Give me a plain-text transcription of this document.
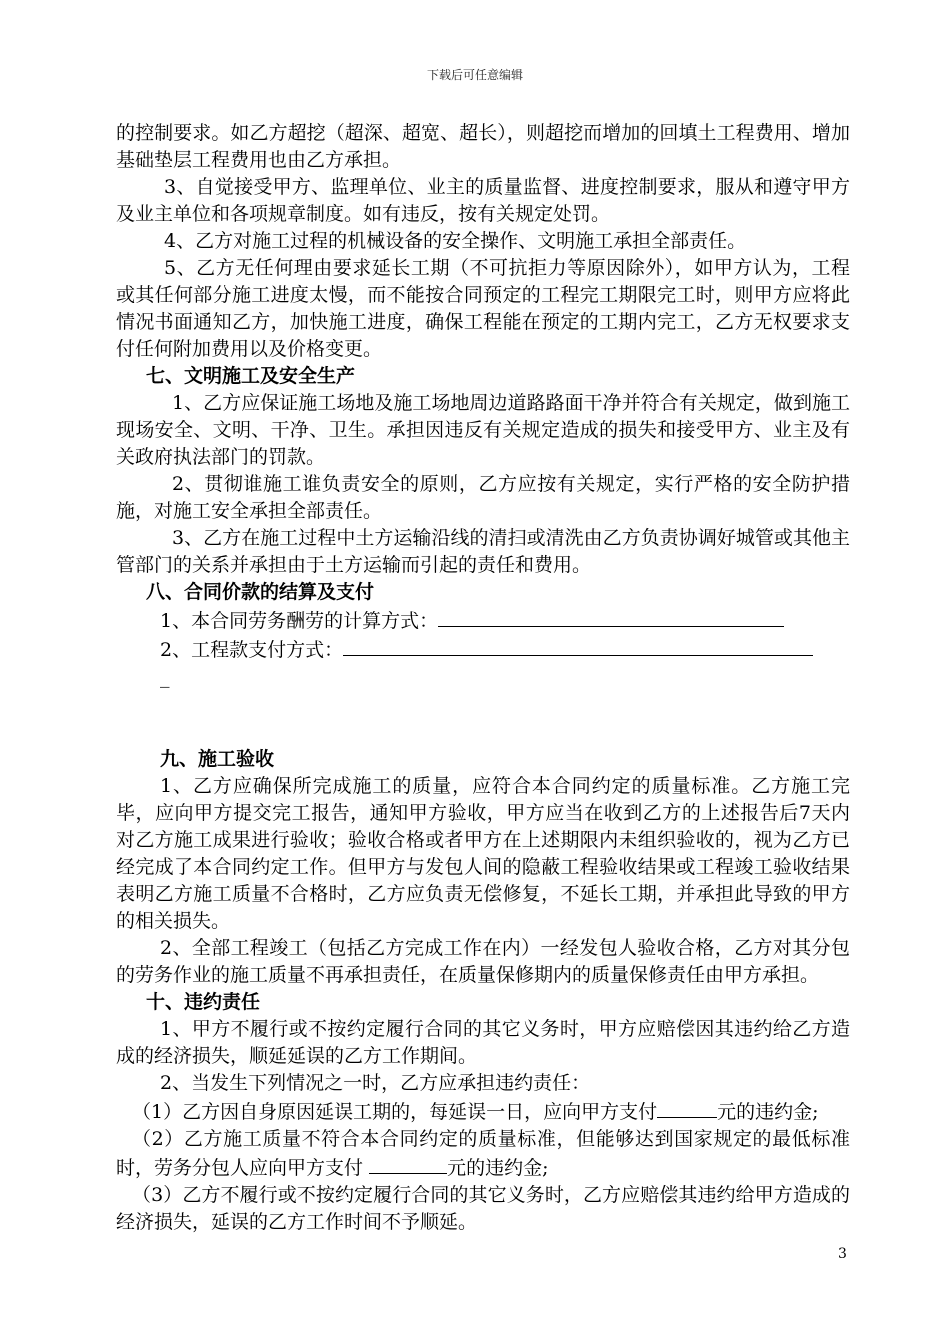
下载后可任意编辑

的控制要求。如乙方超挖（超深、超宽、超长），则超挖而增加的回填土工程费用、增加基础垫层工程费用也由乙方承担。

3、自觉接受甲方、监理单位、业主的质量监督、进度控制要求，服从和遵守甲方及业主单位和各项规章制度。如有违反，按有关规定处罚。

4、乙方对施工过程的机械设备的安全操作、文明施工承担全部责任。

5、乙方无任何理由要求延长工期（不可抗拒力等原因除外），如甲方认为，工程或其任何部分施工进度太慢，而不能按合同预定的工程完工期限完工时，则甲方应将此情况书面通知乙方，加快施工进度，确保工程能在预定的工期内完工，乙方无权要求支付任何附加费用以及价格变更。

七、文明施工及安全生产

1、乙方应保证施工场地及施工场地周边道路路面干净并符合有关规定，做到施工现场安全、文明、干净、卫生。承担因违反有关规定造成的损失和接受甲方、业主及有关政府执法部门的罚款。

2、贯彻谁施工谁负责安全的原则，乙方应按有关规定，实行严格的安全防护措施，对施工安全承担全部责任。

3、乙方在施工过程中土方运输沿线的清扫或清洗由乙方负责协调好城管或其他主管部门的关系并承担由于土方运输而引起的责任和费用。

八、合同价款的结算及支付

1、本合同劳务酬劳的计算方式：

2、工程款支付方式：

_

九、施工验收

1、乙方应确保所完成施工的质量，应符合本合同约定的质量标准。乙方施工完毕，应向甲方提交完工报告，通知甲方验收，甲方应当在收到乙方的上述报告后7天内对乙方施工成果进行验收；验收合格或者甲方在上述期限内未组织验收的，视为乙方已经完成了本合同约定工作。但甲方与发包人间的隐蔽工程验收结果或工程竣工验收结果表明乙方施工质量不合格时，乙方应负责无偿修复，不延长工期，并承担此导致的甲方的相关损失。

2、全部工程竣工（包括乙方完成工作在内）一经发包人验收合格，乙方对其分包的劳务作业的施工质量不再承担责任，在质量保修期内的质量保修责任由甲方承担。

十、违约责任

1、甲方不履行或不按约定履行合同的其它义务时，甲方应赔偿因其违约给乙方造成的经济损失，顺延延误的乙方工作期间。

2、当发生下列情况之一时，乙方应承担违约责任：

（1）乙方因自身原因延误工期的，每延误一日，应向甲方支付	元的违约金;

（2）乙方施工质量不符合本合同约定的质量标准，但能够达到国家规定的最低标准时，劳务分包人应向甲方支付	元的违约金;

（3）乙方不履行或不按约定履行合同的其它义务时，乙方应赔偿其违约给甲方造成的经济损失，延误的乙方工作时间不予顺延。

3
